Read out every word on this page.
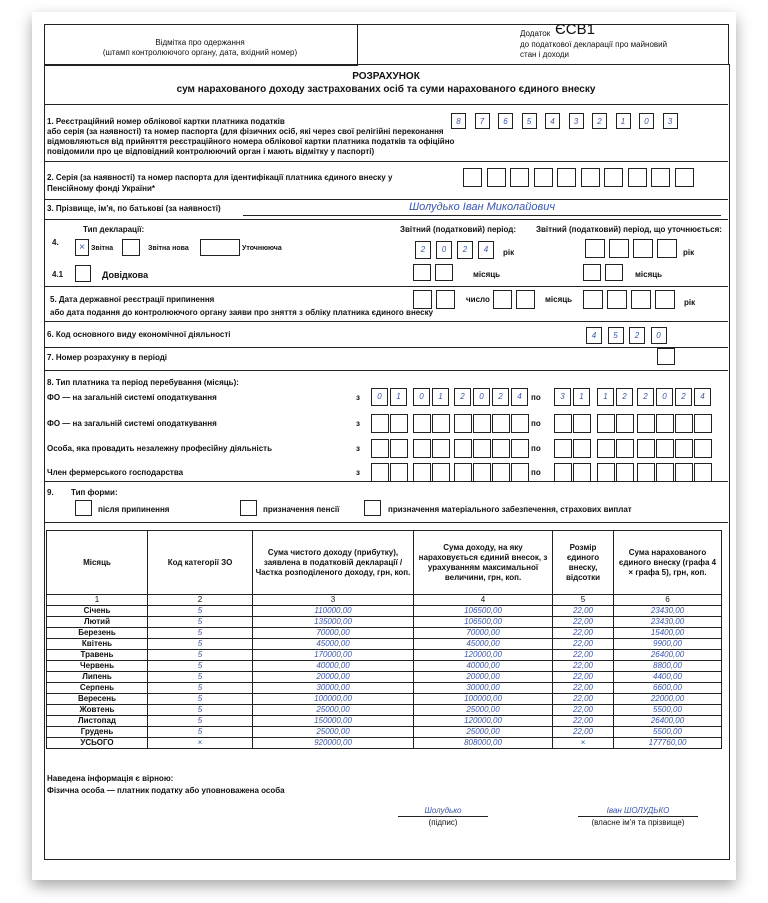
Відмітка про одержання
(штамп контролюючого органу, дата, вхідний номер)
Додаток ЄСВ1
до податкової декларації про майновий
стан і доходи
РОЗРАХУНОК
сум нарахованого доходу застрахованих осіб та суми нарахованого єдиного внеску
1. Реєстраційний номер облікової картки платника податків
або серія (за наявності) та номер паспорта (для фізичних осіб, які через свої релігійні переконання
відмовляються від прийняття реєстраційного номера облікової картки платника податків та офіційно
повідомили про це відповідний контролюючий орган і мають відмітку у паспорті)
8	7	6	5	4	3	2	1	0	3
2. Серія (за наявності) та номер паспорта для ідентифікації платника єдиного внеску у
Пенсійному фонді України*
3. Прізвище, ім'я, по батькові (за наявності)	Шолудько Іван Миколайович
4.
Тип декларації:
× Звітна	Звітна нова	Уточнююча
Звітний (податковий) період:
2	0	2	4	рік
Звітний (податковий) період, що уточнюється:
рік
4.1	Довідкова	місяць	місяць
5. Дата державної реєстрації припинення
або дата подання до контролюючого органу заяви про зняття з обліку платника єдиного внеску
число	місяць	рік
6. Код основного виду економічної діяльності	4	5	2	0
7. Номер розрахунку в періоді
8. Тип платника та період перебування (місяць):
ФО — на загальній системі оподаткування	з	по
0	1	0	1	2	0	2	4	3	1	1	2	2	0	2	4
ФО — на загальній системі оподаткування	з	по
Особа, яка провадить незалежну професійну діяльність	з	по
Член фермерського господарства	з	по
9. Тип форми:
після припинення	призначення пенсії	призначення матеріального забезпечення, страхових виплат
Місяць	Код категорії ЗО	Сума чистого доходу (прибутку), заявлена в податковій декларації / Частка розподіленого доходу, грн, коп.	Сума доходу, на яку нараховується єдиний внесок, з урахуванням максимальної величини, грн, коп.	Розмір єдиного внеску, відсотки	Сума нарахованого єдиного внеску (графа 4 × графа 5), грн, коп.
1	2	3	4	5	6
Січень	5	110000,00	106500,00	22,00	23430,00
Лютий	5	135000,00	106500,00	22,00	23430,00
Березень	5	70000,00	70000,00	22,00	15400,00
Квітень	5	45000,00	45000,00	22,00	9900,00
Травень	5	170000,00	120000,00	22,00	26400,00
Червень	5	40000,00	40000,00	22,00	8800,00
Липень	5	20000,00	20000,00	22,00	4400,00
Серпень	5	30000,00	30000,00	22,00	6600,00
Вересень	5	100000,00	100000,00	22,00	22000,00
Жовтень	5	25000,00	25000,00	22,00	5500,00
Листопад	5	150000,00	120000,00	22,00	26400,00
Грудень	5	25000,00	25000,00	22,00	5500,00
УСЬОГО	×	920000,00	808000,00	×	177760,00
Наведена інформація є вірною:
Фізична особа — платник податку або уповноважена особа
Шолудько
(підпис)
Іван ШОЛУДЬКО
(власне ім'я та прізвище)
